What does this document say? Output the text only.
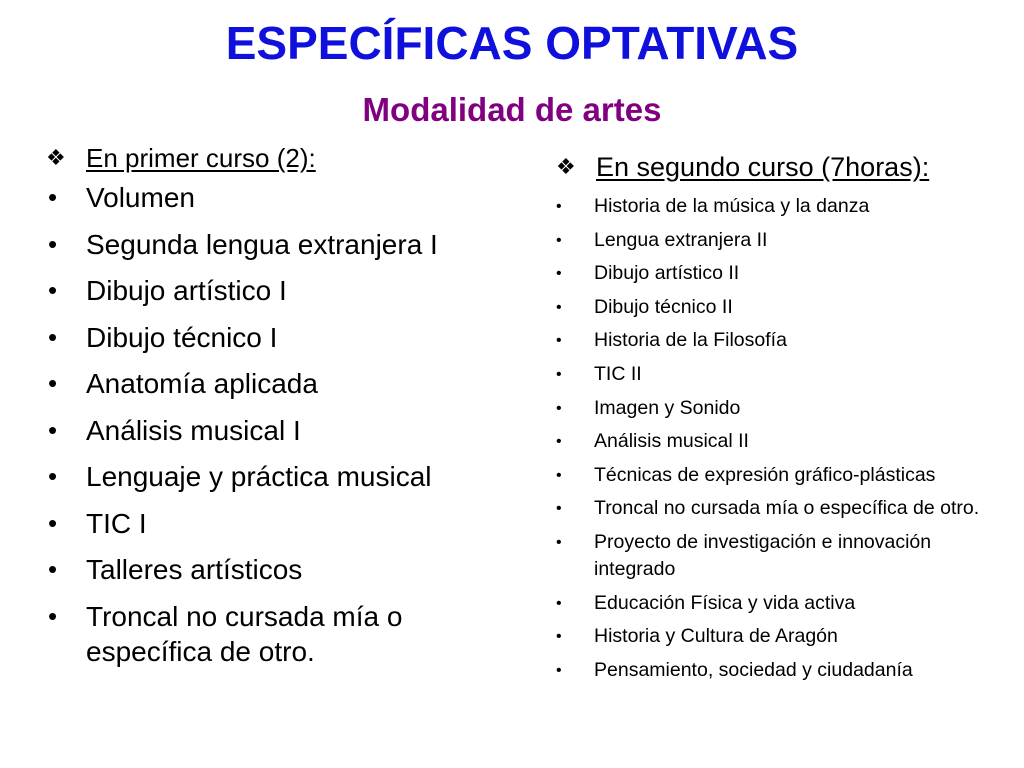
ESPECÍFICAS OPTATIVAS
Modalidad de artes
❖ En primer curso (2):
• Volumen
• Segunda lengua extranjera I
• Dibujo artístico I
• Dibujo técnico I
• Anatomía aplicada
• Análisis musical I
• Lenguaje y práctica musical
• TIC I
• Talleres artísticos
• Troncal no cursada mía o específica de otro.
❖ En segundo curso (7horas):
• Historia de la música y la danza
• Lengua extranjera II
• Dibujo artístico II
• Dibujo técnico II
• Historia de la Filosofía
• TIC II
• Imagen y Sonido
• Análisis musical II
• Técnicas de expresión gráfico-plásticas
• Troncal no cursada mía o específica de otro.
• Proyecto de investigación e innovación integrado
• Educación Física y vida activa
• Historia y Cultura de Aragón
• Pensamiento, sociedad y ciudadanía
